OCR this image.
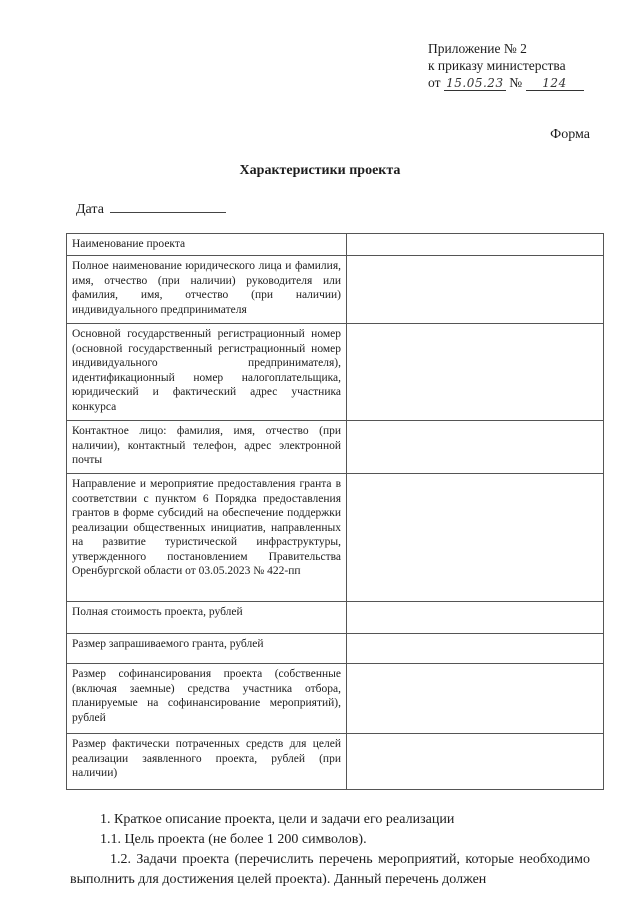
Приложение № 2
к приказу министерства
от 15.05.23 № 124
Форма
Характеристики проекта
Дата
Наименование проекта	
Полное наименование юридического лица и фамилия, имя, отчество (при наличии) руководителя или фамилия, имя, отчество (при наличии) индивидуального предпринимателя	
Основной государственный регистрационный номер (основной государственный регистрационный номер индивидуального предпринимателя), идентификационный номер налогоплательщика, юридический и фактический адрес участника конкурса	
Контактное лицо: фамилия, имя, отчество (при наличии), контактный телефон, адрес электронной почты	
Направление и мероприятие предоставления гранта в соответствии с пунктом 6 Порядка предоставления грантов в форме субсидий на обеспечение поддержки реализации общественных инициатив, направленных на развитие туристической инфраструктуры, утвержденного постановлением Правительства Оренбургской области от 03.05.2023 № 422-пп	
Полная стоимость проекта, рублей	
Размер запрашиваемого гранта, рублей	
Размер софинансирования проекта (собственные (включая заемные) средства участника отбора, планируемые на софинансирование мероприятий), рублей	
Размер фактически потраченных средств для целей реализации заявленного проекта, рублей (при наличии)	

1. Краткое описание проекта, цели и задачи его реализации

1.1. Цель проекта (не более 1 200 символов).

1.2. Задачи проекта (перечислить перечень мероприятий, которые необходимо выполнить для достижения целей проекта). Данный перечень должен
